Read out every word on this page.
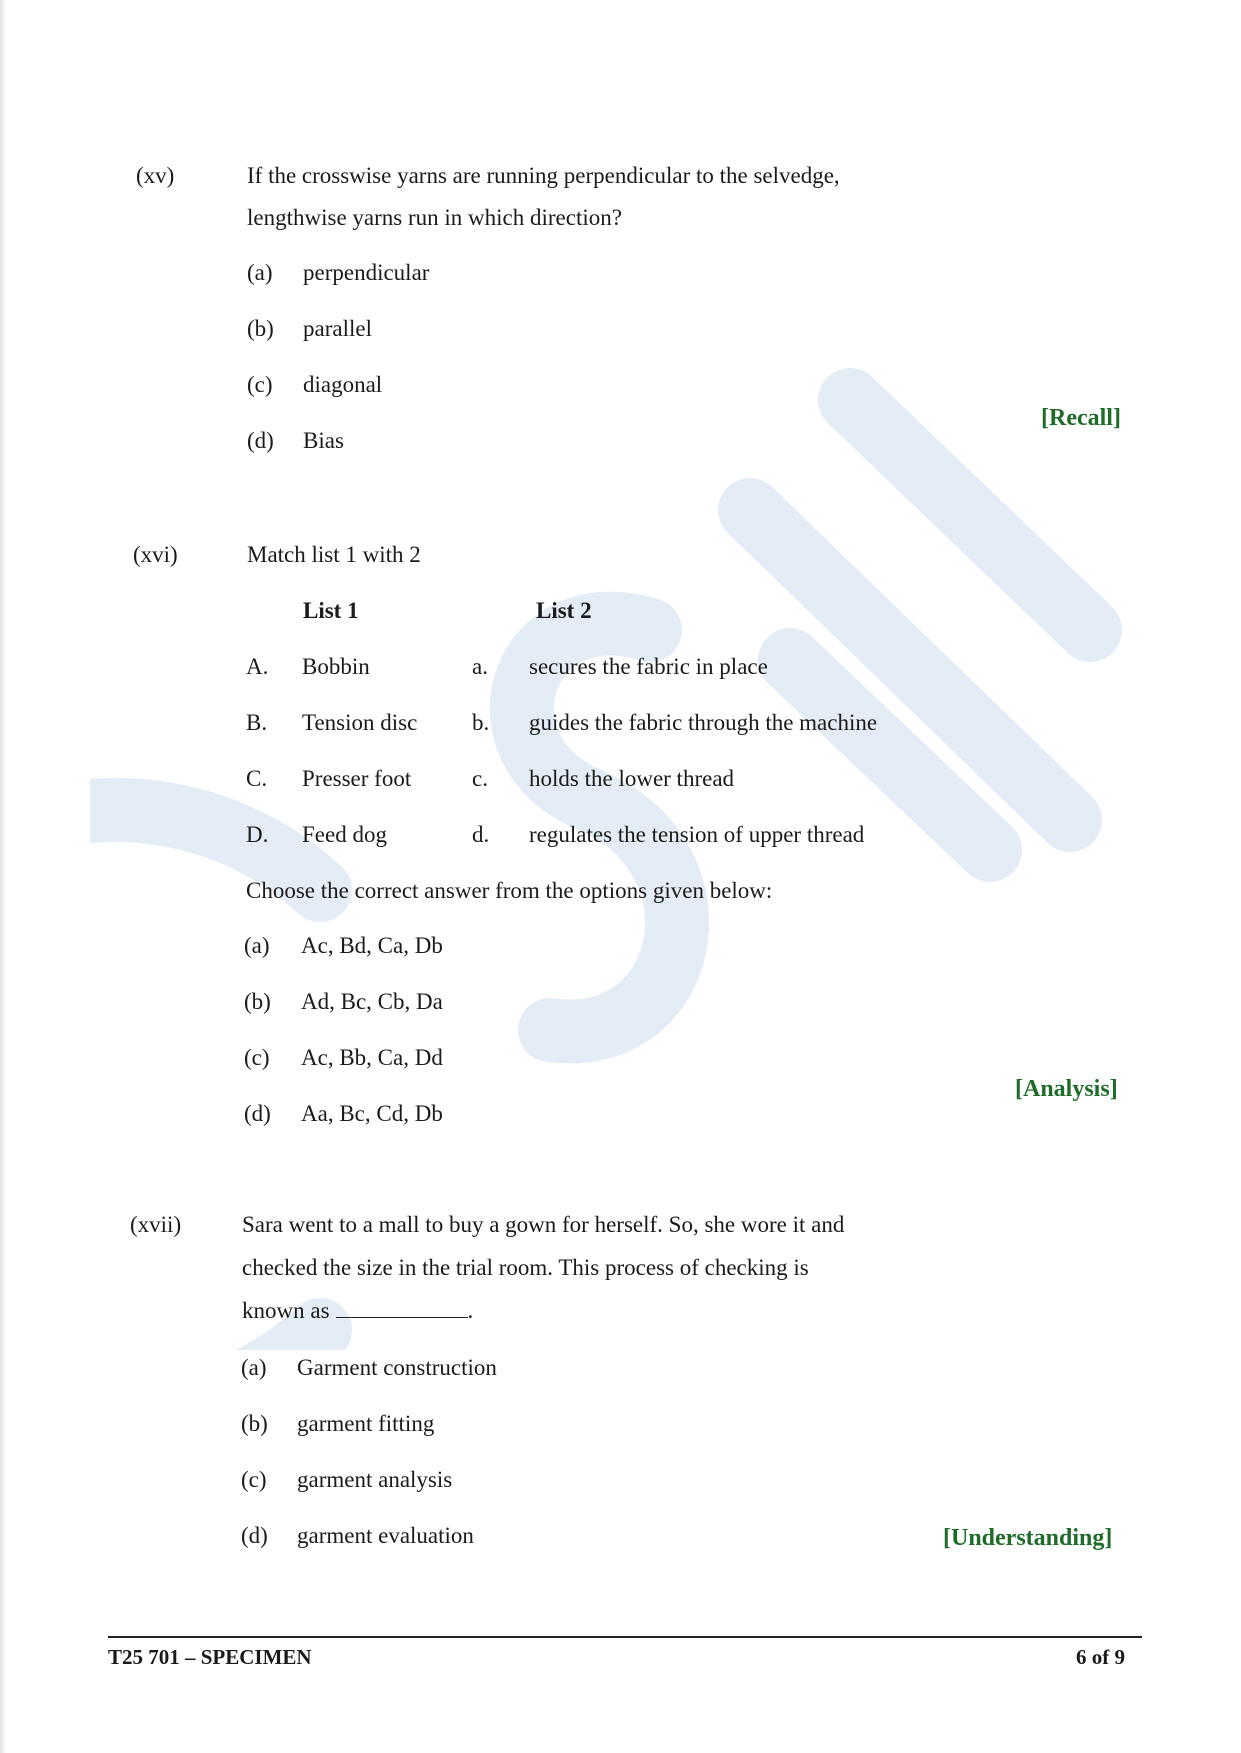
(xv)	If the crosswise yarns are running perpendicular to the selvedge,
lengthwise yarns run in which direction?
(a) perpendicular
(b) parallel
(c) diagonal
(d) Bias
[Recall]
(xvi)	Match list 1 with 2
List 1	List 2
A. Bobbin	a. secures the fabric in place
B. Tension disc b. guides the fabric through the machine
C. Presser foot	c. holds the lower thread
D. Feed dog	d. regulates the tension of upper thread
Choose the correct answer from the options given below:
(a) Ac, Bd, Ca, Db
(b) Ad, Bc, Cb, Da
(c) Ac, Bb, Ca, Dd
(d) Aa, Bc, Cd, Db
[Analysis]
(xvii)	Sara went to a mall to buy a gown for herself. So, she wore it and
checked the size in the trial room. This process of checking is
known as	.
(a) Garment construction
(b) garment fitting
(c) garment analysis
(d) garment evaluation	[Understanding]
T25 701 – SPECIMEN	6 of 9
